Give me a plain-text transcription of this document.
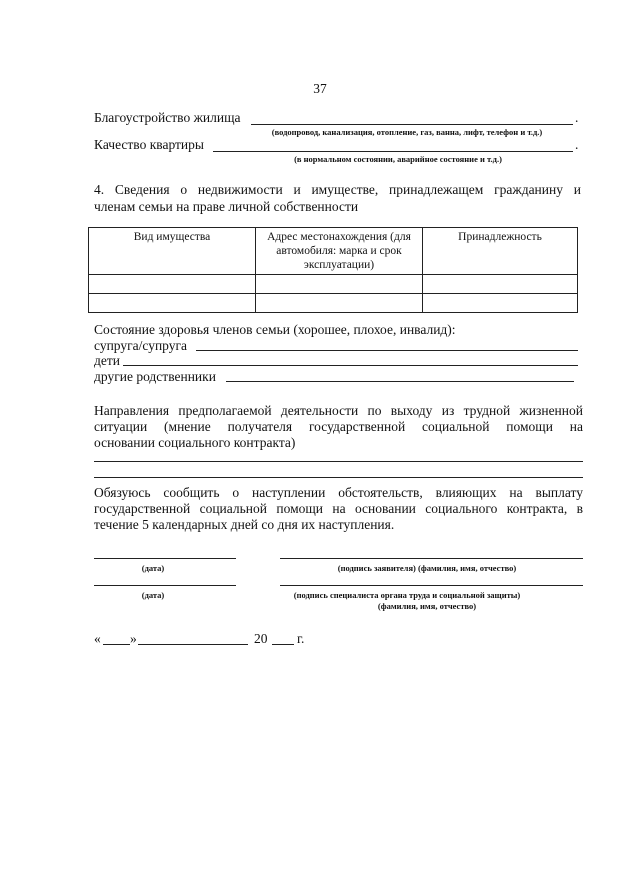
37
Благоустройство жилища	.
(водопровод, канализация, отопление, газ, ванна, лифт, телефон и т.д.)
Качество квартиры	.
(в нормальном состоянии, аварийное состояние и т.д.)
4. Сведения о недвижимости и имуществе, принадлежащем гражданину и
членам семьи на праве личной собственности
Вид имущества	Адрес местонахождения (для автомобиля: марка и срок эксплуатации)	Принадлежность

Состояние здоровья членов семьи (хорошее, плохое, инвалид):
супруга/супруга
дети
другие родственники
Направления предполагаемой деятельности по выходу из трудной жизненной
ситуации (мнение получателя государственной социальной помощи на
основании социального контракта)
Обязуюсь сообщить о наступлении обстоятельств, влияющих на выплату
государственной социальной помощи на основании социального контракта, в
течение 5 календарных дней со дня их наступления.
(дата)	(подпись заявителя) (фамилия, имя, отчество)
(дата)	(подпись специалиста органа труда и социальной защиты)
(фамилия, имя, отчество)
« »	20 г.
